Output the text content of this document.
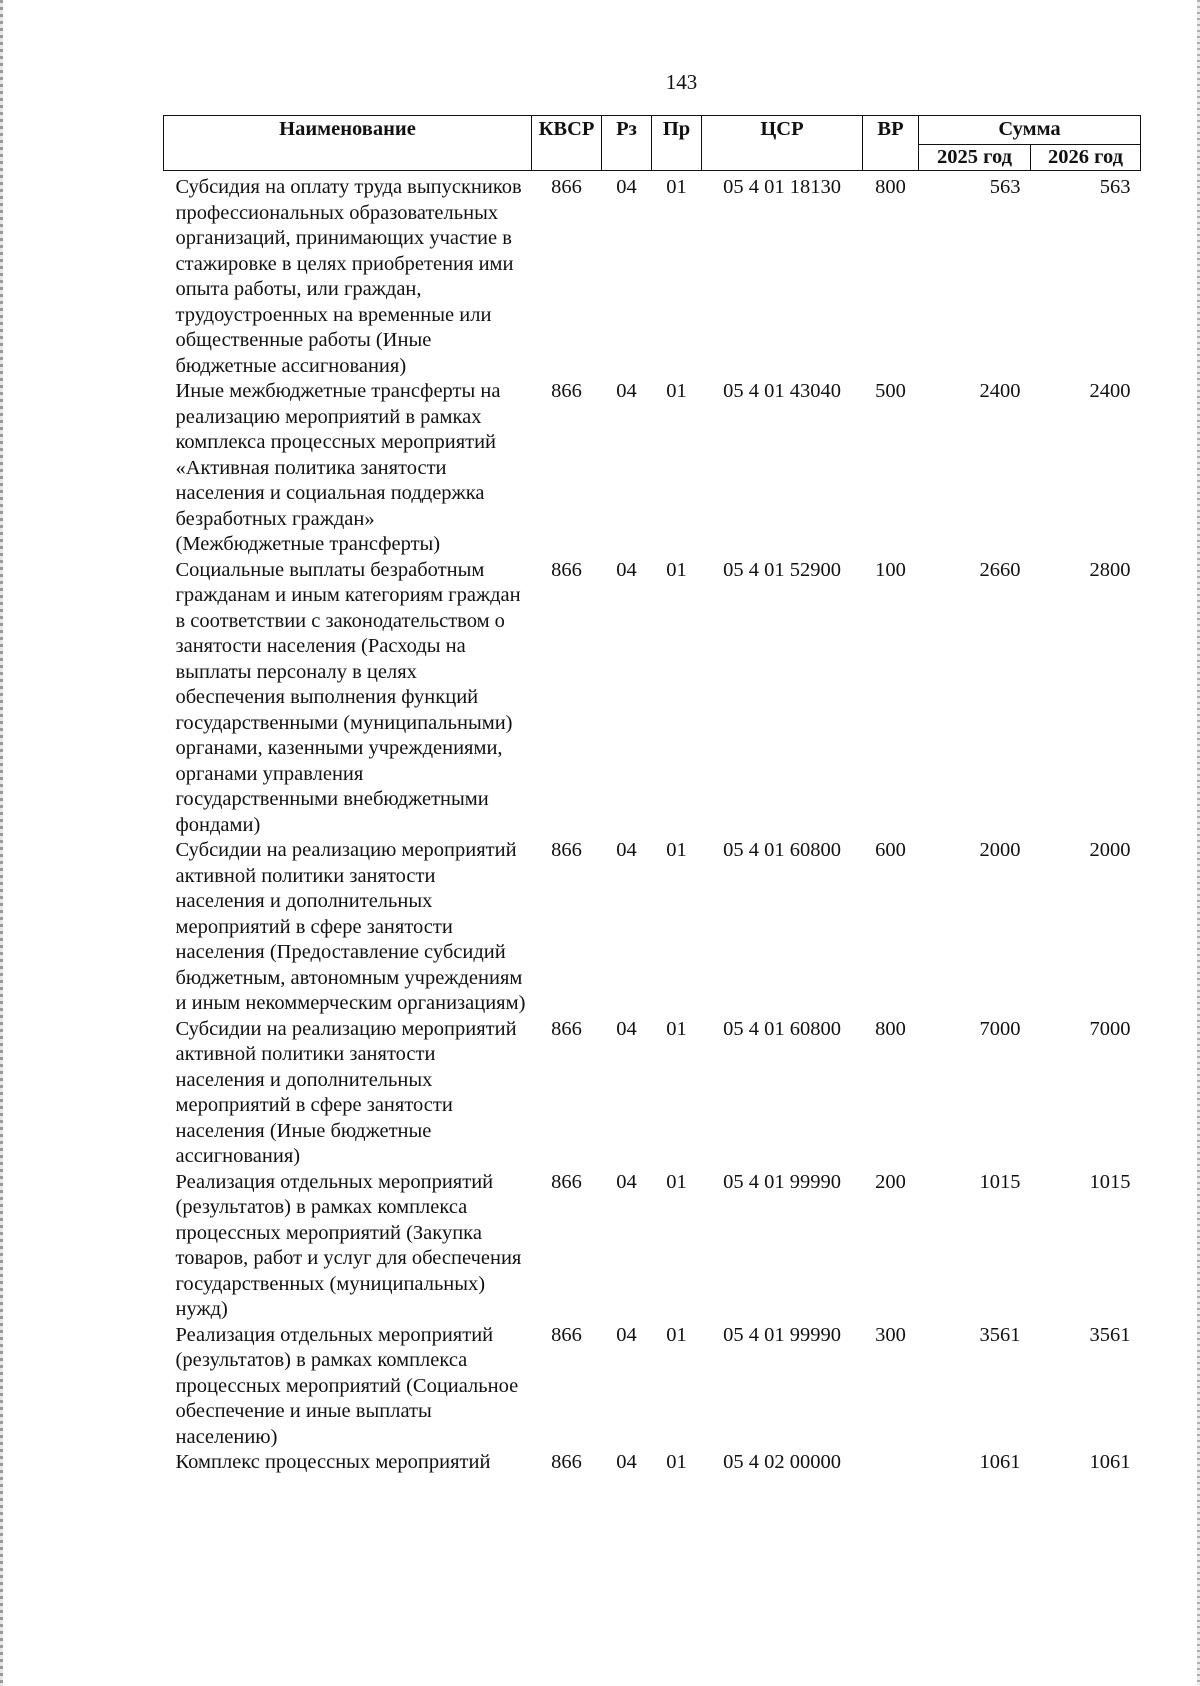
143
Наименование	КВСР	Рз	Пр	ЦСР	ВР	Сумма	
						2025 год	2026 год
Субсидия на оплату труда выпускников профессиональных образовательных организаций, принимающих участие в стажировке в целях приобретения ими опыта работы, или граждан, трудоустроенных на временные или общественные работы (Иные бюджетные ассигнования)	866	04	01	05 4 01 18130	800	563	563
Иные межбюджетные трансферты на реализацию мероприятий в рамках комплекса процессных мероприятий «Активная политика занятости населения и социальная поддержка безработных граждан» (Межбюджетные трансферты)	866	04	01	05 4 01 43040	500	2400	2400
Социальные выплаты безработным гражданам и иным категориям граждан в соответствии с законодательством о занятости населения (Расходы на выплаты персоналу в целях обеспечения выполнения функций государственными (муниципальными) органами, казенными учреждениями, органами управления государственными внебюджетными фондами)	866	04	01	05 4 01 52900	100	2660	2800
Субсидии на реализацию мероприятий активной политики занятости населения и дополнительных мероприятий в сфере занятости населения (Предоставление субсидий бюджетным, автономным учреждениям и иным некоммерческим организациям)	866	04	01	05 4 01 60800	600	2000	2000
Субсидии на реализацию мероприятий активной политики занятости населения и дополнительных мероприятий в сфере занятости населения (Иные бюджетные ассигнования)	866	04	01	05 4 01 60800	800	7000	7000
Реализация отдельных мероприятий (результатов) в рамках комплекса процессных мероприятий (Закупка товаров, работ и услуг для обеспечения государственных (муниципальных) нужд)	866	04	01	05 4 01 99990	200	1015	1015
Реализация отдельных мероприятий (результатов) в рамках комплекса процессных мероприятий (Социальное обеспечение и иные выплаты населению)	866	04	01	05 4 01 99990	300	3561	3561
Комплекс процессных мероприятий	866	04	01	05 4 02 00000		1061	1061
